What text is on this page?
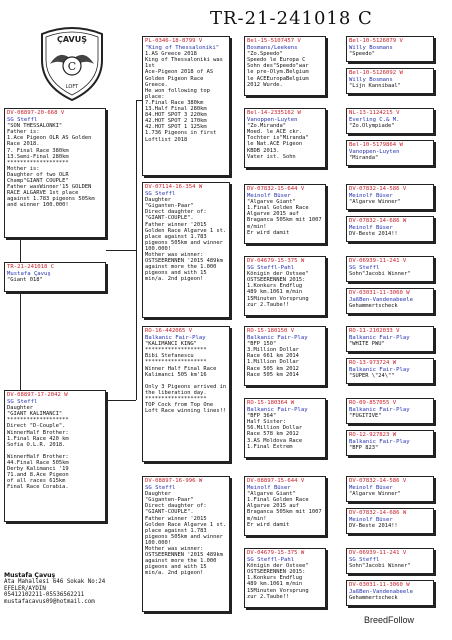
TR-21-241018 C
C
ÇAVUŞ
LOFT
TR-21-241018 C
Mustafa Çavuş
"Giant 018"
DV-08897-20-668 V
SG Steffl
"SON THESSALONKI"
Father is:
1.Ace Pigeon OLR AS Golden Race 2018.
7. Final Race 380km
13.Semi-Final 280km
*******************
Mother is:
Daughter of two OLR Champ"GIANT COUPLE"
Father wasWinner'15 GOLDEN RACE ALGARVE 1st place against 1.783 pigeons 505km and winner 100.000!
DV-08897-17-2042 W
SG Steffl
Daughter
"GIANT KALIMANCI"
*******************
Direct "D-Couple".
WinnerHalf Brother:
1.Final Race 420 km
Sofia O.L.R. 2018.

WinnerHalf Brother:
44.Final Race 505km
Derby Kalimanci '19
71.and 8.Ace Pigeon
of all races 615km
Final Race Corabia.
PL-0346-18-8799 V
"King of Thessaloniki"
1.AS Greece 2018
King of Thessaloniki was 1st
Ace-Pigeon 2018 of AS Golden Pigeon Race Greece.
He won following top place:
7.Final Race 380km
13.Half Final 280km
84.HOT SPOT 3 220km
42.HOT SPOT 2 170km
42.HOT SPOT 1 125km
1.736 Pigeons in first Loftlist 2018
DV-07114-16-354 W
SG Steffl
Daughter
"Giganten-Paar"
Direct daughter of:
"GIANT-COUPLE".
Father winner '2015 Golden Race Algarve 1 st. place against 1.783 pigeons 505km and winner 100.000!
Mother was winner: OSTSEERENNEN '2015 489km against more the 1.000 pigeons and with 15 min/a. 2nd pigeon!
RO-16-442065 V
Balkanic Fair-Play
"KALIMANCI KING"
*******************
Bibi Stefanescu
*******************
Winner Half Final Race Kalimanci 505 km'16

Only 3 Pigeons arrived in the liberation day.
*******************
TOP Cock from Top One Loft Race winning lines!!
DV-08897-16-996 W
SG Steffl
Daughter
"Giganten-Paar"
Direct daughter of:
"GIANT-COUPLE".
Father winner '2015 Golden Race Algarve 1 st. place against 1.783 pigeons 505km and winner 100.000!
Mother was winner: OSTSEERENNEN '2015 489km against more the 1.000 pigeons and with 15 min/a. 2nd pigeon!
Bel-15-5107457 V
Bosmans/Leekens
"Zo.Speedo"
Speedo le Europa C
Sohn des"Speedo"war
le pre-Olym.Belgium
le ACEEuropaBelgium
2012 Wurde.
Bel-14-2335162 W
Vanoppen-Luyten
"Zo.Miranda"
Moed. le ACE ckr.
Tochter is"Miranda"
le Nat.ACE Pigeon
KBDB 2013.
Vater ist. Sohn
DV-07832-15-644 V
Meinolf Büser
"Algarve Giant"
1.Final Golden Race Algarve 2015 auf Braganca 505km mit 1007 m/min!
Er wird damit
DV-04679-15-375 W
SG Steffl-Pahl
Königin der Ostsee"
OSTSEERENNEN 2015:
1.Konkurs Endflug
489 km.1061 m/min
15Minuten Vorsprung
zur 2.Taube!!
RO-15-180150 V
Balkanic Fair-Play
"BFP 150"
3.Million Dollar
Race 661 km 2014
1.Million Dollar
Race 505 km 2012
Race 505 km 2014
RO-15-180364 W
Balkanic Fair-Play
"BFP 364"
Half Sister:
56.Million Dollar
Race 578 km 2012
3.AS Moldova Race
1.Final Extrem
DV-08897-15-644 V
Meinolf Büser
"Algarve Giant"
1.Final Golden Race Algarve 2015 auf Braganca 505km mit 1007 m/min!
Er wird damit
DV-04679-15-375 W
SG Steffl-Pahl
Königin der Ostsee"
OSTSEERENNEN 2015:
1.Konkurs Endflug
489 km.1061 m/min
15Minuten Vorsprung
zur 2.Taube!!
Bel-10-5126079 V
Willy Bosmans
"Speedo"
Bel-10-5126092 W
Willy Bosmans
"Lijn Kannibaal"
NL-13-1124215 V
Everling C.& M.
"Zo.Olympiade"
Bel-10-5179864 W
Vanoppen-Luyten
"Miranda"
DV-07832-14-586 V
Meinolf Büser
"Algarve Winner"
DV-07832-14-686 W
Meinolf Büser
DV-Beste 2014!!
DV-06939-11-241 V
SG Steffl
Sohn"Jacobi Winner"
DV-03031-11-3060 W
JaßBen-Vandenabeele
Gehammertscheck
RO-11-2102033 V
Balkanic Fair-Play
"WHITE PWU"
RO-13-973724 W
Balkanic Fair-Play
"SUPER \"24\""
RO-09-857055 V
Balkanic Fair-Play
"FUGITIVE"
RO-12-927823 W
Balkanic Fair-Play
"BFP 823"
DV-07832-14-586 V
Meinolf Büser
"Algarve Winner"
DV-07832-14-686 W
Meinolf Büser
DV-Beste 2014!!
DV-06939-11-241 V
SG Steffl
Sohn"Jacobi Winner"
DV-03031-11-3060 W
JaßBen-Vandenabeele
Gehammertscheck
Mustafa Çavuş
Ata Mahallesi 646 Sokak No:24
EFELER/AYDIN
05412102211-05536562211
mustafacavus09@hotmail.com
BreedFollow
